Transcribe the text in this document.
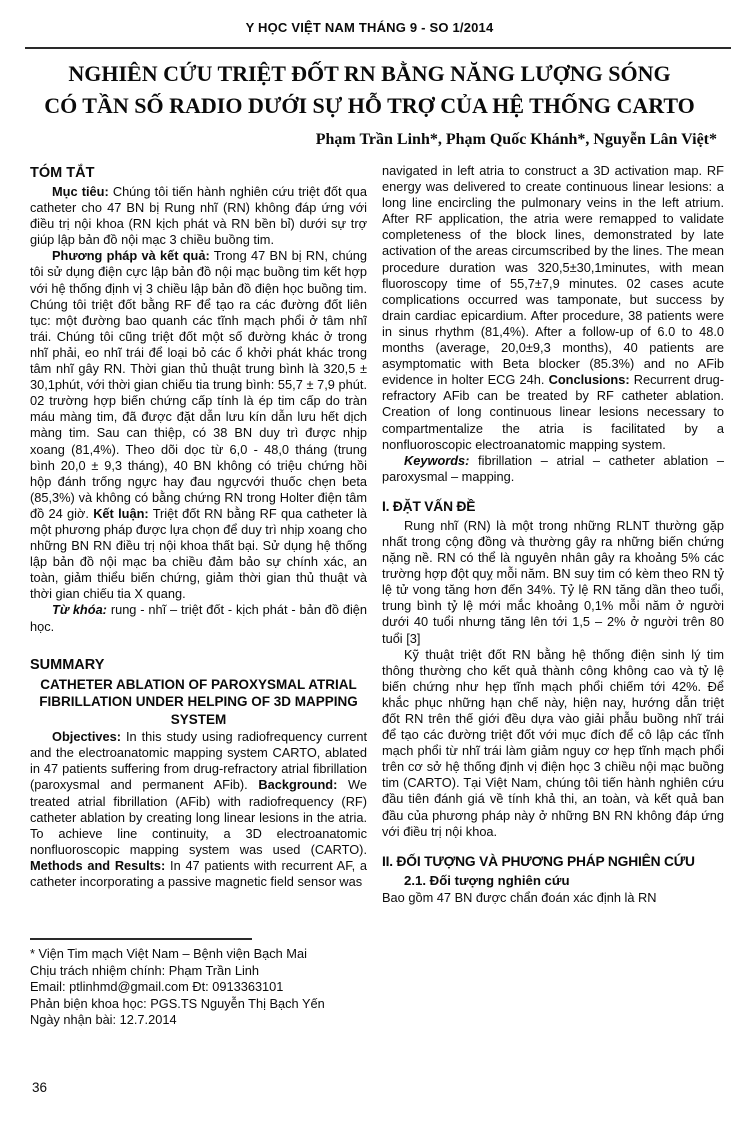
Y HỌC VIỆT NAM THÁNG 9 - SO 1/2014
NGHIÊN CỨU TRIỆT ĐỐT RN BẰNG NĂNG LƯỢNG SÓNG
CÓ TẦN SỐ RADIO DƯỚI SỰ HỖ TRỢ CỦA HỆ THỐNG CARTO
Phạm Trần Linh*, Phạm Quốc Khánh*, Nguyễn Lân Việt*
TÓM TẮT

Mục tiêu: Chúng tôi tiến hành nghiên cứu triệt đốt qua catheter cho 47 BN bị Rung nhĩ (RN) không đáp ứng với điều trị nội khoa (RN kịch phát và RN bền bỉ) dưới sự trợ giúp lập bản đồ nội mạc 3 chiều buồng tim.

Phương pháp và kết quả: Trong 47 BN bị RN, chúng tôi sử dụng điện cực lập bản đồ nội mạc buồng tim kết hợp với hệ thống định vị 3 chiều lập bản đồ điện học buồng tim. Chúng tôi triệt đốt bằng RF để tạo ra các đường đốt liên tục: một đường bao quanh các tĩnh mạch phổi ở tâm nhĩ trái. Chúng tôi cũng triệt đốt một số đường khác ở trong nhĩ phải, eo nhĩ trái để loại bỏ các ổ khởi phát khác trong tâm nhĩ gây RN. Thời gian thủ thuật trung bình là 320,5 ± 30,1phút, với thời gian chiếu tia trung bình: 55,7 ± 7,9 phút. 02 trường hợp biến chứng cấp tính là ép tim cấp do tràn máu màng tim, đã được đặt dẫn lưu kín dẫn lưu hết dịch màng tim. Sau can thiệp, có 38 BN duy trì được nhịp xoang (81,4%). Theo dõi dọc từ 6,0 - 48,0 tháng (trung bình 20,0 ± 9,3 tháng), 40 BN không có triệu chứng hồi hộp đánh trống ngực hay đau ngựcvới thuốc chẹn beta (85,3%) và không có bằng chứng RN trong Holter điện tâm đồ 24 giờ. Kết luận: Triệt đốt RN bằng RF qua catheter là một phương pháp được lựa chọn để duy trì nhịp xoang cho những BN RN điều trị nội khoa thất bại. Sử dụng hệ thống lập bản đồ nội mạc ba chiều đảm bảo sự chính xác, an toàn, giảm thiểu biến chứng, giảm thời gian thủ thuật và thời gian chiếu tia X quang.

Từ khóa: rung - nhĩ – triệt đốt - kịch phát - bản đồ điện học.

SUMMARY

CATHETER ABLATION OF PAROXYSMAL ATRIAL FIBRILLATION UNDER HELPING OF 3D MAPPING SYSTEM

Objectives: In this study using radiofrequency current and the electroanatomic mapping system CARTO, ablated in 47 patients suffering from drug-refractory atrial fibrillation (paroxysmal and permanent AFib). Background: We treated atrial fibrillation (AFib) with radiofrequency (RF) catheter ablation by creating long linear lesions in the atria. To achieve line continuity, a 3D electroanatomic nonfluoroscopic mapping system was used (CARTO). Methods and Results: In 47 patients with recurrent AF, a catheter incorporating a passive magnetic field sensor was

navigated in left atria to construct a 3D activation map. RF energy was delivered to create continuous linear lesions: a long line encircling the pulmonary veins in the left atrium. After RF application, the atria were remapped to validate completeness of the block lines, demonstrated by late activation of the areas circumscribed by the lines. The mean procedure duration was 320,5±30,1minutes, with mean fluoroscopy time of 55,7±7,9 minutes. 02 cases acute complications occurred was tamponate, but success by drain cardiac epicardium. After procedure, 38 patients were in sinus rhythm (81,4%). After a follow-up of 6.0 to 48.0 months (average, 20,0±9,3 months), 40 patients are asymptomatic with Beta blocker (85.3%) and no AFib evidence in holter ECG 24h. Conclusions: Recurrent drug-refractory AFib can be treated by RF catheter ablation. Creation of long continuous linear lesions necessary to compartmentalize the atria is facilitated by a nonfluoroscopic electroanatomic mapping system.

Keywords: fibrillation – atrial – catheter ablation – paroxysmal – mapping.

I. ĐẶT VẤN ĐỀ

Rung nhĩ (RN) là một trong những RLNT thường gặp nhất trong cộng đồng và thường gây ra những biến chứng nặng nề. RN có thể là nguyên nhân gây ra khoảng 5% các trường hợp đột quỵ mỗi năm. BN suy tim có kèm theo RN tỷ lệ tử vong tăng hơn đến 34%. Tỷ lệ RN tăng dần theo tuổi, trung bình tỷ lệ mới mắc khoảng 0,1% mỗi năm ở người dưới 40 tuổi nhưng tăng lên tới 1,5 – 2% ở người trên 80 tuổi [3]

Kỹ thuật triệt đốt RN bằng hệ thống điện sinh lý tim thông thường cho kết quả thành công không cao và tỷ lệ biến chứng như hẹp tĩnh mạch phổi chiếm tới 42%. Để khắc phục những hạn chế này, hiện nay, hướng dẫn triệt đốt RN trên thế giới đều dựa vào giải phẫu buồng nhĩ trái để tạo các đường triệt đốt với mục đích để cô lập các tĩnh mạch phổi từ nhĩ trái làm giảm nguy cơ hẹp tĩnh mạch phổi trên cơ sở hệ thống định vị điện học 3 chiều nội mạc buồng tim (CARTO). Tại Việt Nam, chúng tôi tiến hành nghiên cứu đầu tiên đánh giá về tính khả thi, an toàn, và kết quả ban đầu của phương pháp này ở những BN RN không đáp ứng với điều trị nội khoa.

II. ĐỐI TƯỢNG VÀ PHƯƠNG PHÁP NGHIÊN CỨU
2.1. Đối tượng nghiên cứu

Bao gồm 47 BN được chẩn đoán xác định là RN

* Viện Tim mạch Việt Nam – Bệnh viện Bạch Mai
Chịu trách nhiệm chính: Phạm Trần Linh
Email: ptlinhmd@gmail.com Đt: 0913363101
Phản biện khoa học: PGS.TS Nguyễn Thị Bạch Yến
Ngày nhận bài: 12.7.2014
36
